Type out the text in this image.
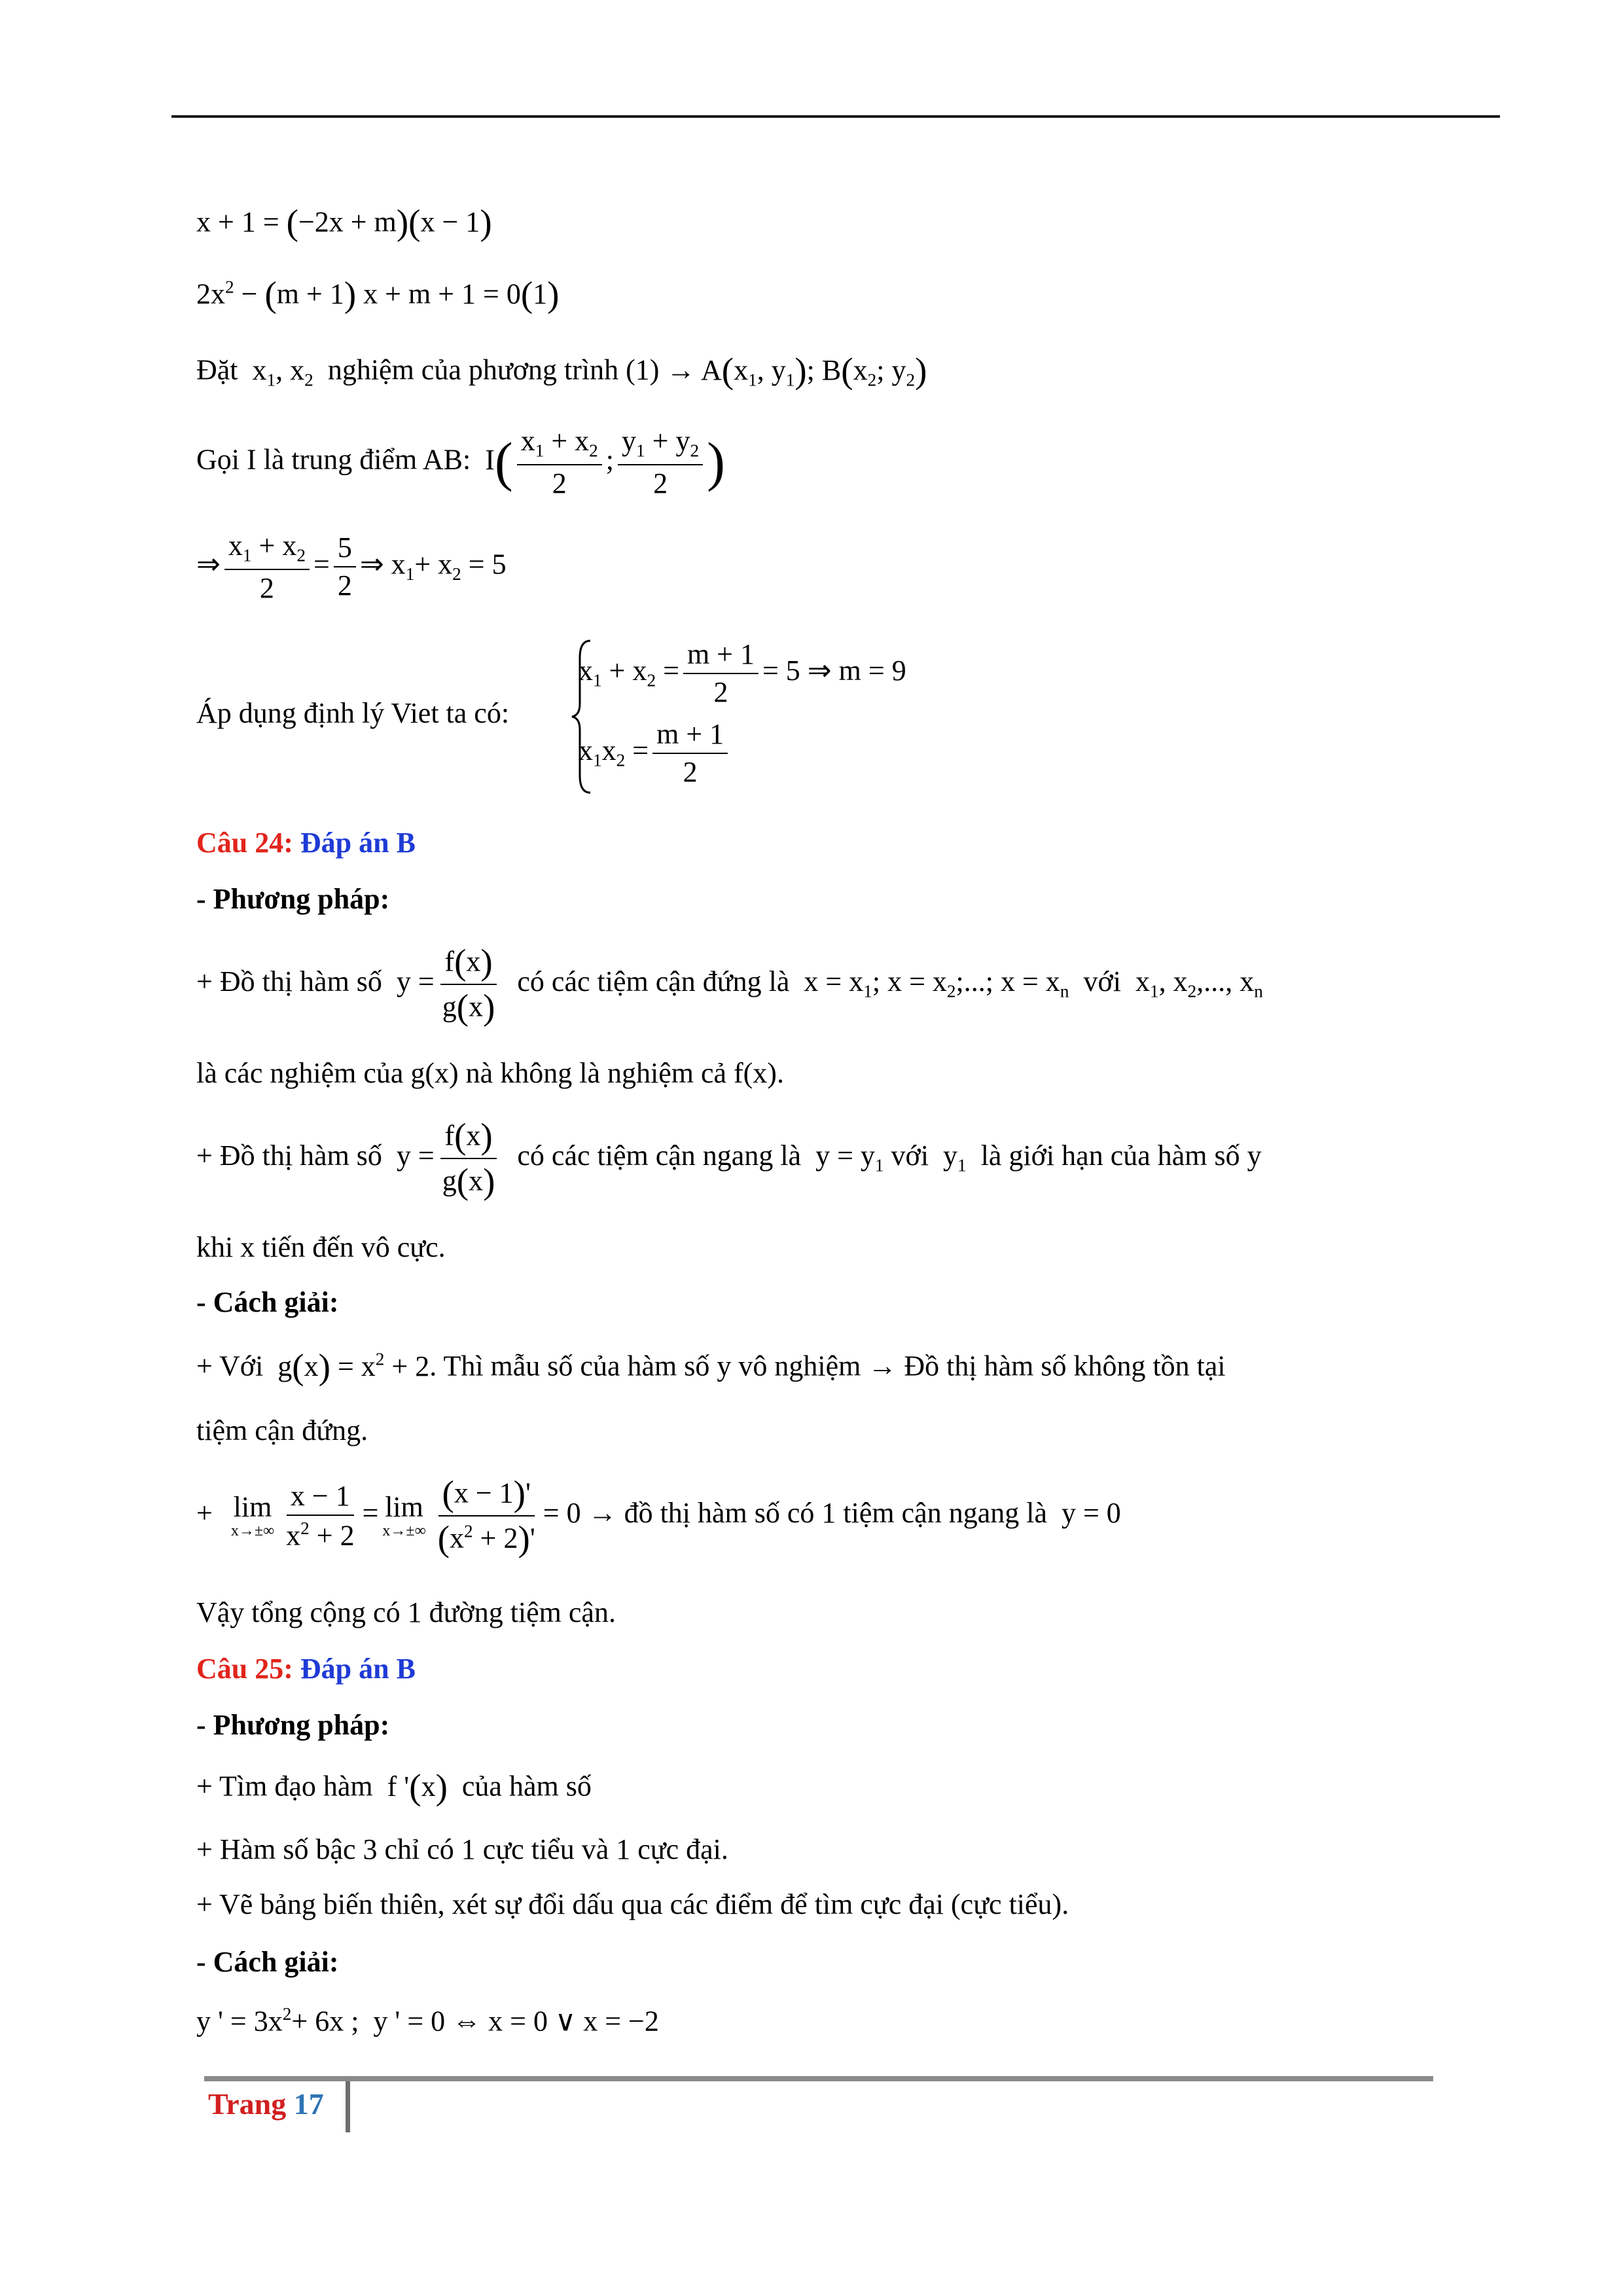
x + 1 = (−2x + m)(x − 1)
$2x^2 - (m + 1) x + m + 1 = 0(1)$
Đặt $x_1$, $x_2$ nghiệm của phương trình $(1) \to A(x_1$, $y_1$); $B(x_2$; $y_2$)
Gọi I là trung điểm AB: $I( \frac{x_1 + x_2}{2}$ ; $\frac{y_1 + y_2}{2}$ )
⇒ $\frac{x_1 + x_2}{2} = \frac{5}{2}$ ⇒ $x_1+ x_2 = 5$
Áp dụng định lý Viet ta có:
$x_1 + x_2 = \frac{m + 1}{2} = 5$ ⇒ m = 9
$x_1x_2 = \frac{m + 1}{2}$
Câu 24: Đáp án B
- Phương pháp:
+ Đồ thị hàm số $y = \frac{f(x)}{g(x)}$ có các tiệm cận đứng là $x = x_1$; $x = x_2$;...; $x = x_n$ với $x_1$, $x_2$,..., $x_n$
là các nghiệm của g(x) nà không là nghiệm cả f(x).
+ Đồ thị hàm số $y = \frac{f(x)}{g(x)}$ có các tiệm cận ngang là $y = y_1$ với $y_1$ là giới hạn của hàm số y
khi x tiến đến vô cực.
- Cách giải:
+ Với $g(x) = x^2 + 2$. Thì mẫu số của hàm số y vô nghiệm → Đồ thị hàm số không tồn tại
tiệm cận đứng.
+ lim
$x\to\pm\infty \frac{x - 1}{x^2 + 2} = \lim$
$x\to\pm\infty \frac{(x - 1)'}{(x^2 + 2)'} = 0$ → đồ thị hàm số có 1 tiệm cận ngang là y = 0
Vậy tổng cộng có 1 đường tiệm cận.
Câu 25: Đáp án B
- Phương pháp:
+ Tìm đạo hàm f '(x) của hàm số
+ Hàm số bậc 3 chỉ có 1 cực tiểu và 1 cực đại.
+ Vẽ bảng biến thiên, xét sự đổi dấu qua các điểm để tìm cực đại (cực tiểu).
- Cách giải:
y ' = $3x^2+ 6x$ ;  y ' = 0 ⇔ x = 0 ∨ x = −2
Trang 17
